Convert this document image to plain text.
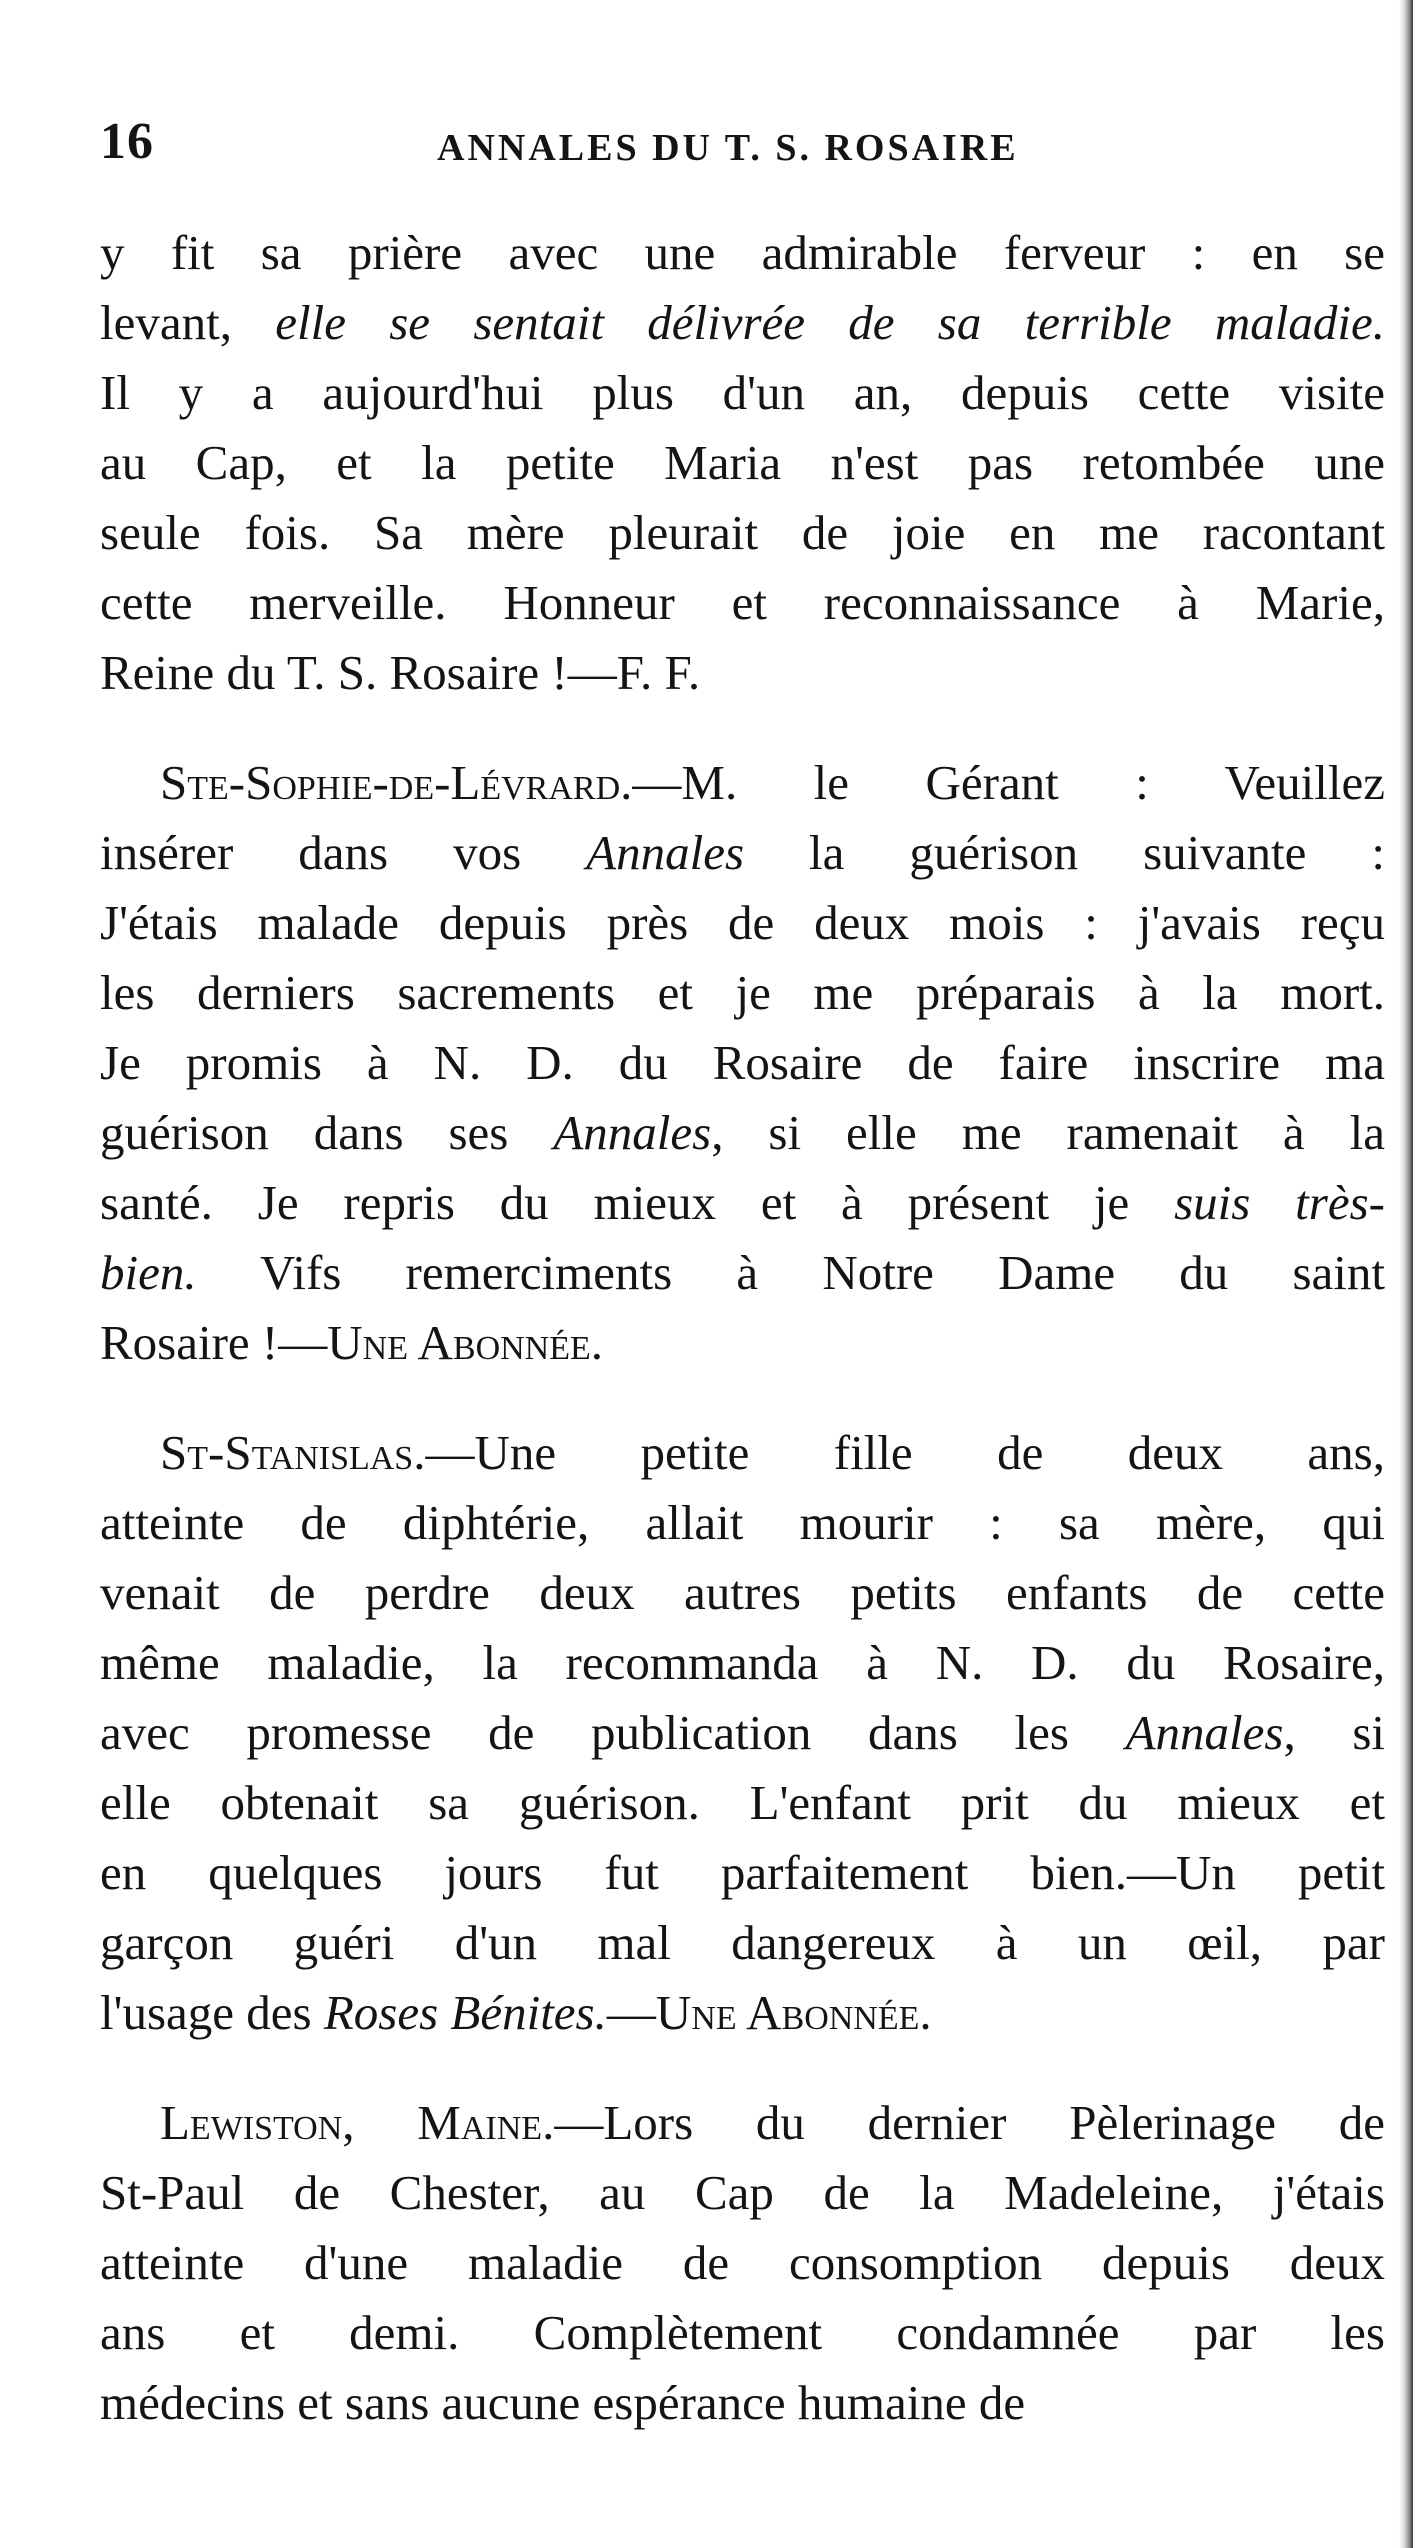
16	ANNALES DU T. S. ROSAIRE
y fit sa prière avec une admirable ferveur : en se
levant, elle se sentait délivrée de sa terrible maladie.
Il y a aujourd'hui plus d'un an, depuis cette visite
au Cap, et la petite Maria n'est pas retombée une
seule fois. Sa mère pleurait de joie en me racontant
cette merveille. Honneur et reconnaissance à Marie,
Reine du T. S. Rosaire !—F. F.
Ste-Sophie-de-Lévrard.—M. le Gérant : Veuillez
insérer dans vos Annales la guérison suivante :
J'étais malade depuis près de deux mois : j'avais reçu
les derniers sacrements et je me préparais à la mort.
Je promis à N. D. du Rosaire de faire inscrire ma
guérison dans ses Annales, si elle me ramenait à la
santé. Je repris du mieux et à présent je suis très-
bien. Vifs remerciments à Notre Dame du saint
Rosaire !—Une Abonnée.
St-Stanislas.—Une petite fille de deux ans,
atteinte de diphtérie, allait mourir : sa mère, qui
venait de perdre deux autres petits enfants de cette
même maladie, la recommanda à N. D. du Rosaire,
avec promesse de publication dans les Annales, si
elle obtenait sa guérison. L'enfant prit du mieux et
en quelques jours fut parfaitement bien.—Un petit
garçon guéri d'un mal dangereux à un œil, par
l'usage des Roses Bénites.—Une Abonnée.
Lewiston, Maine.—Lors du dernier Pèlerinage de
St-Paul de Chester, au Cap de la Madeleine, j'étais
atteinte d'une maladie de consomption depuis deux
ans et demi. Complètement condamnée par les
médecins et sans aucune espérance humaine de
